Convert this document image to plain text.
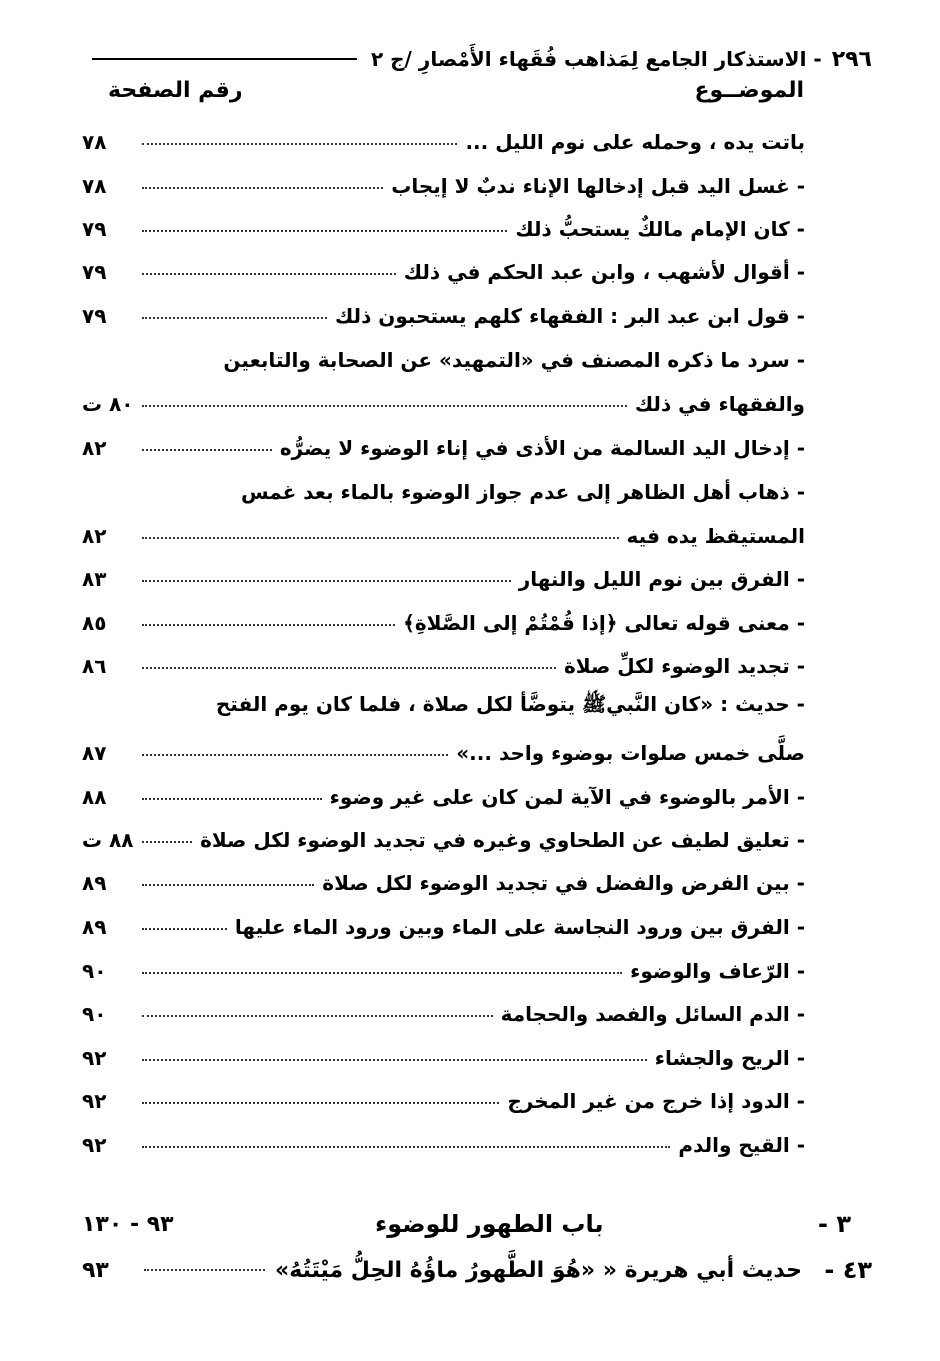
٢٩٦
- الاستذكار الجامع لِمَذاهب فُقَهاء الأَمْصارِ /ج ٢
الموضــوع
رقم الصفحة
باتت يده ، وحمله على نوم الليل ...
٧٨
- غسل اليد قبل إدخالها الإناء ندبٌ لا إيجاب
٧٨
- كان الإمام مالكٌ يستحبُّ ذلك
٧٩
- أقوال لأشهب ، وابن عبد الحكم في ذلك
٧٩
- قول ابن عبد البر : الفقهاء كلهم يستحبون ذلك
٧٩
- سرد ما ذكره المصنف في «التمهيد» عن الصحابة والتابعين
والفقهاء في ذلك
٨٠ ت
- إدخال اليد السالمة من الأذى في إناء الوضوء لا يضرُّه
٨٢
- ذهاب أهل الظاهر إلى عدم جواز الوضوء بالماء بعد غمس
المستيقظ يده فيه
٨٢
- الفرق بين نوم الليل والنهار
٨٣
- معنى قوله تعالى ﴿إذا قُمْتُمْ إلى الصَّلاةِ﴾
٨٥
- تجديد الوضوء لكلِّ صلاة
٨٦
- حديث : «كان النَّبيﷺ يتوضَّأ لكل صلاة ، فلما كان يوم الفتح
صلَّى خمس صلوات بوضوء واحد ...»
٨٧
- الأمر بالوضوء في الآية لمن كان على غير وضوء
٨٨
- تعليق لطيف عن الطحاوي وغيره في تجديد الوضوء لكل صلاة
٨٨ ت
- بين الفرض والفضل في تجديد الوضوء لكل صلاة
٨٩
- الفرق بين ورود النجاسة على الماء وبين ورود الماء عليها
٨٩
- الرّعاف والوضوء
٩٠
- الدم السائل والفصد والحجامة
٩٠
- الريح والجشاء
٩٢
- الدود إذا خرج من غير المخرج
٩٢
- القيح والدم
٩٢
٣ -
باب الطهور للوضوء
٩٣ - ١٣٠
٤٣ -
حديث أبي هريرة « «هُوَ الطَّهورُ ماؤُهُ الحِلُّ مَيْتَتُهُ»
٩٣
